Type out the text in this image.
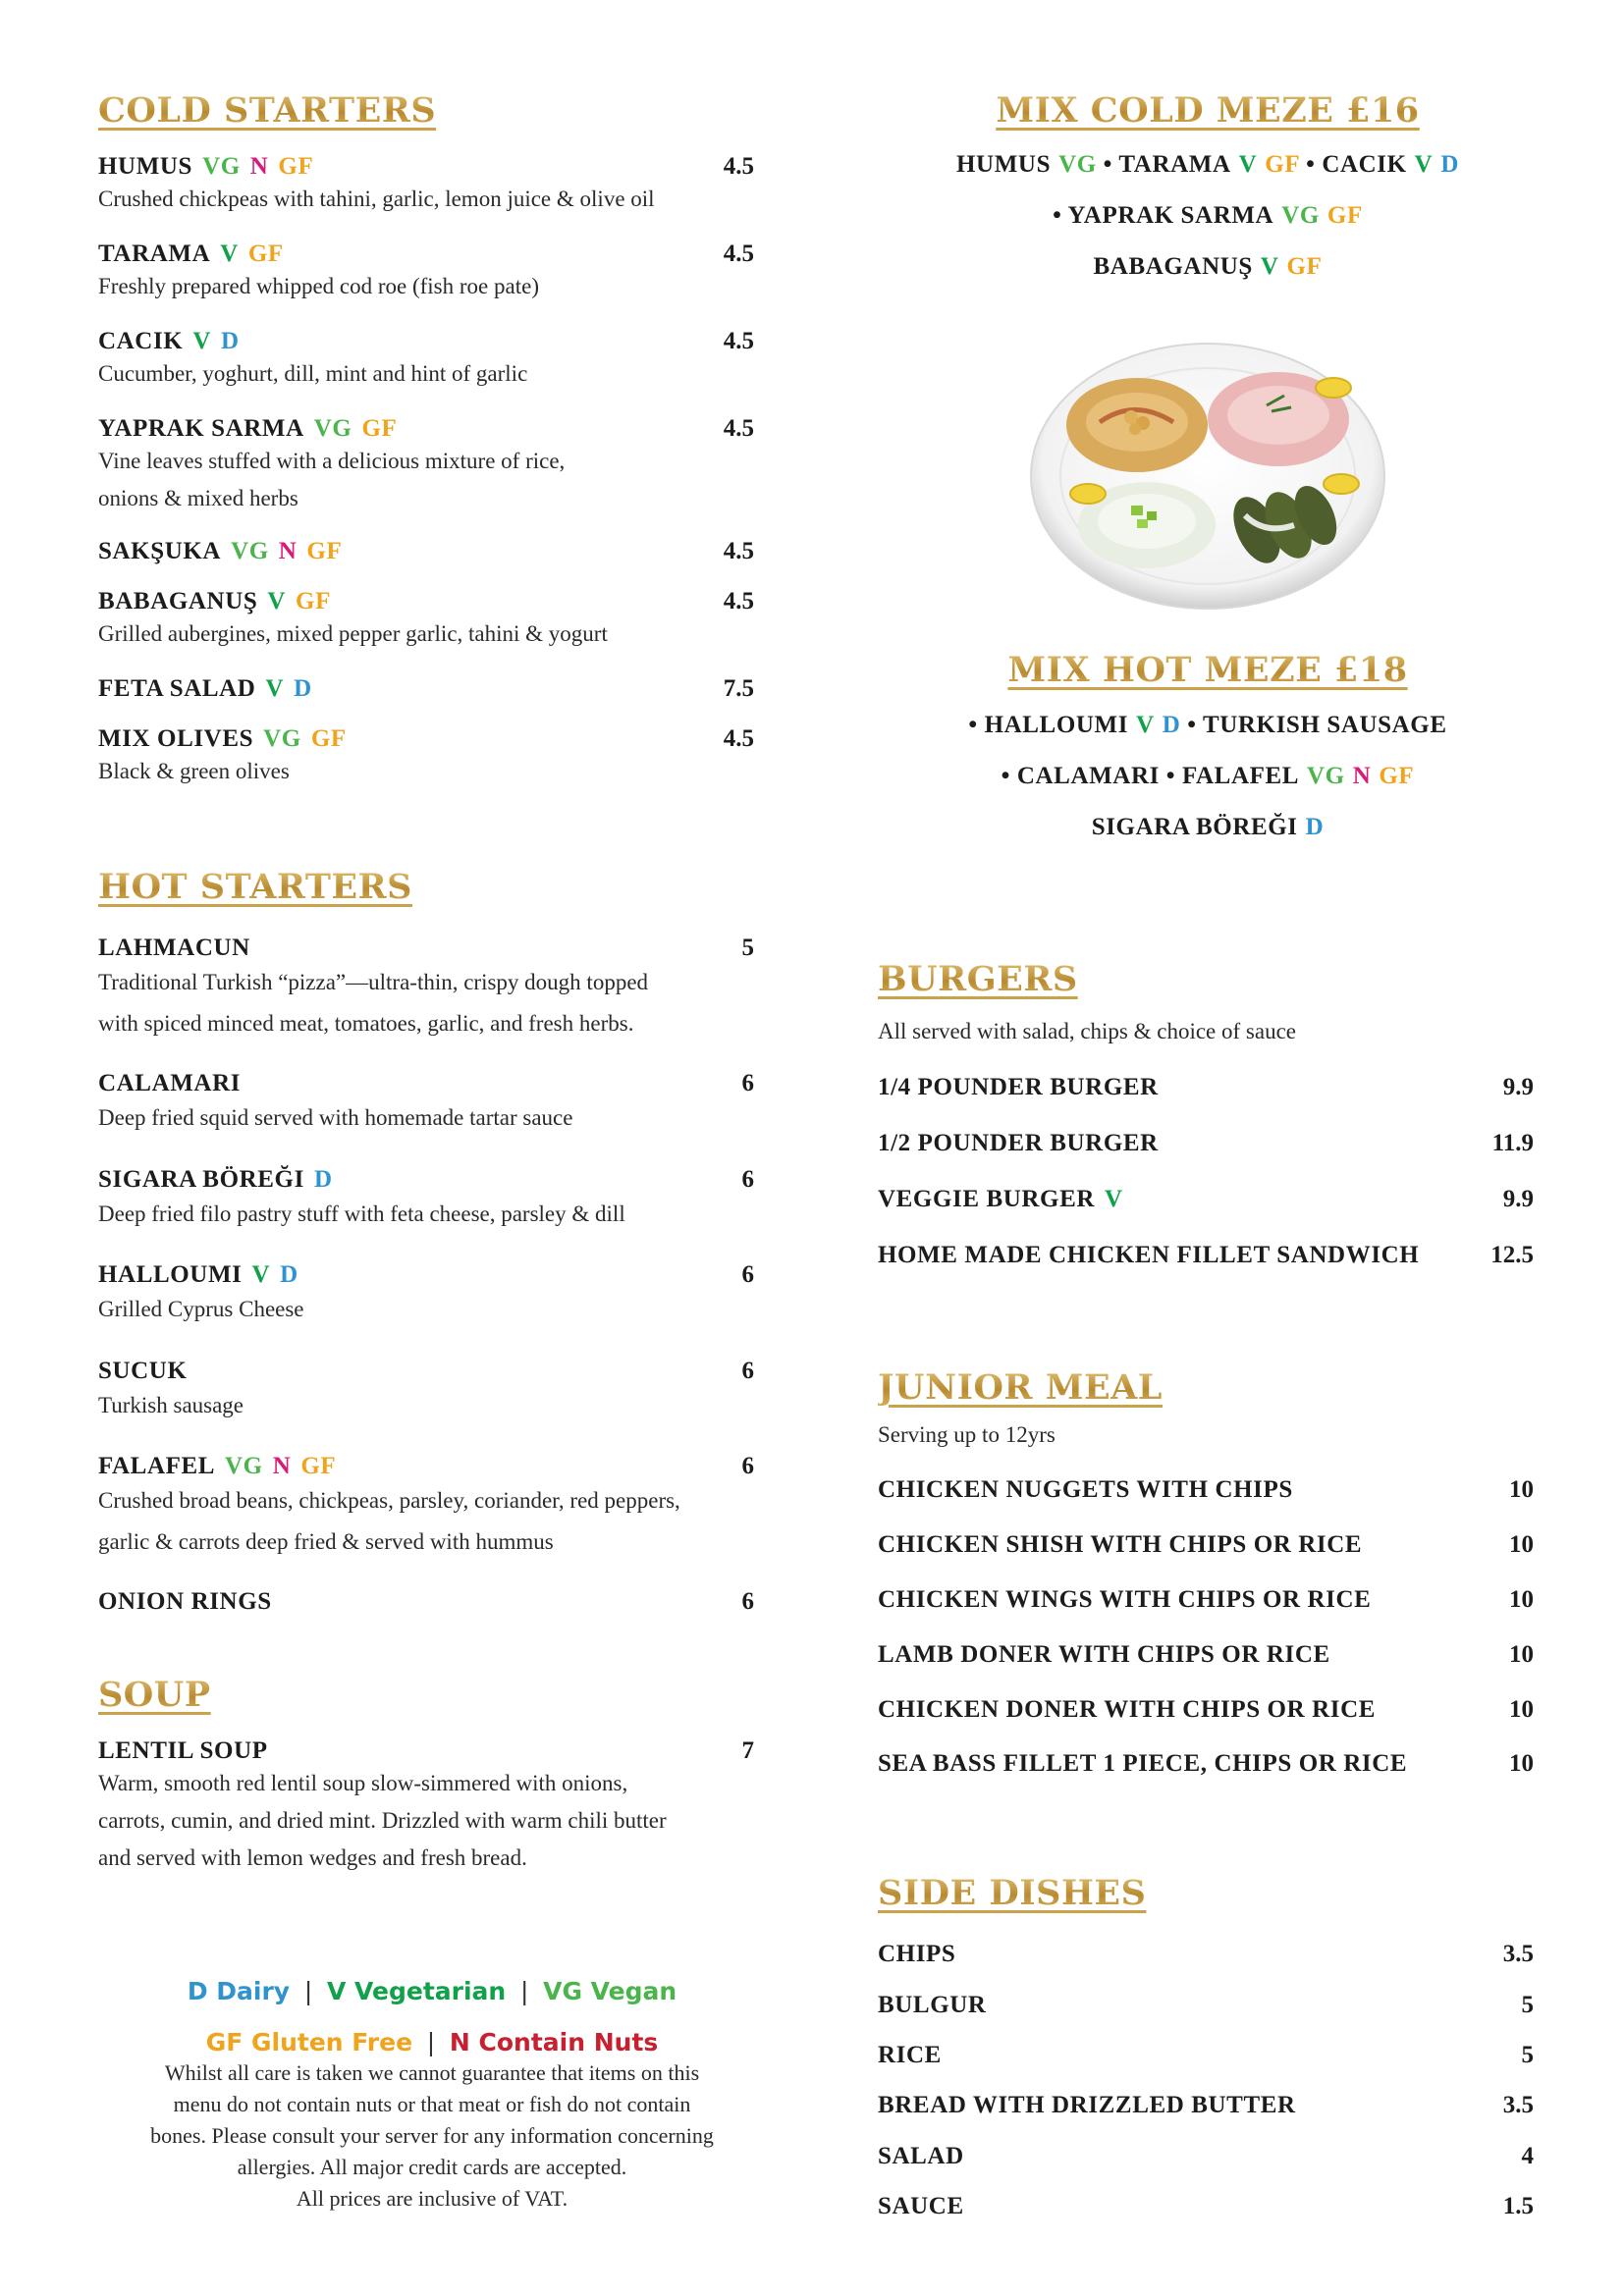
COLD STARTERS
HUMUS VG N GF	4.5
Crushed chickpeas with tahini, garlic, lemon juice & olive oil
TARAMA V GF	4.5
Freshly prepared whipped cod roe (fish roe pate)
CACIK V D	4.5
Cucumber, yoghurt, dill, mint and hint of garlic
YAPRAK SARMA VG GF	4.5
Vine leaves stuffed with a delicious mixture of rice,
onions & mixed herbs
SAKŞUKA VG N GF	4.5
BABAGANUŞ V GF	4.5
Grilled aubergines, mixed pepper garlic, tahini & yogurt
FETA SALAD V D	7.5
MIX OLIVES VG GF	4.5
Black & green olives
HOT STARTERS
LAHMACUN	5
Traditional Turkish “pizza”—ultra-thin, crispy dough topped
with spiced minced meat, tomatoes, garlic, and fresh herbs.
CALAMARI	6
Deep fried squid served with homemade tartar sauce
SIGARA BÖREĞI D	6
Deep fried filo pastry stuff with feta cheese, parsley & dill
HALLOUMI V D	6
Grilled Cyprus Cheese
SUCUK	6
Turkish sausage
FALAFEL VG N GF	6
Crushed broad beans, chickpeas, parsley, coriander, red peppers,
garlic & carrots deep fried & served with hummus
ONION RINGS	6
SOUP
LENTIL SOUP	7
Warm, smooth red lentil soup slow-simmered with onions,
carrots, cumin, and dried mint. Drizzled with warm chili butter
and served with lemon wedges and fresh bread.
D Dairy | V Vegetarian | VG Vegan
GF Gluten Free | N Contain Nuts
Whilst all care is taken we cannot guarantee that items on this
menu do not contain nuts or that meat or fish do not contain
bones. Please consult your server for any information concerning
allergies. All major credit cards are accepted.
All prices are inclusive of VAT.
MIX COLD MEZE £16
HUMUS VG • TARAMA V GF • CACIK V D
• YAPRAK SARMA VG GF
BABAGANUŞ V GF
MIX HOT MEZE £18
• HALLOUMI V D • TURKISH SAUSAGE
• CALAMARI • FALAFEL VG N GF
SIGARA BÖREĞI D
BURGERS
All served with salad, chips & choice of sauce
1/4 POUNDER BURGER	9.9
1/2 POUNDER BURGER	11.9
VEGGIE BURGER V	9.9
HOME MADE CHICKEN FILLET SANDWICH	12.5
JUNIOR MEAL
Serving up to 12yrs
CHICKEN NUGGETS WITH CHIPS	10
CHICKEN SHISH WITH CHIPS OR RICE	10
CHICKEN WINGS WITH CHIPS OR RICE	10
LAMB DONER WITH CHIPS OR RICE	10
CHICKEN DONER WITH CHIPS OR RICE	10
SEA BASS FILLET 1 PIECE, CHIPS OR RICE	10
SIDE DISHES
CHIPS	3.5
BULGUR	5
RICE	5
BREAD WITH DRIZZLED BUTTER	3.5
SALAD	4
SAUCE	1.5
